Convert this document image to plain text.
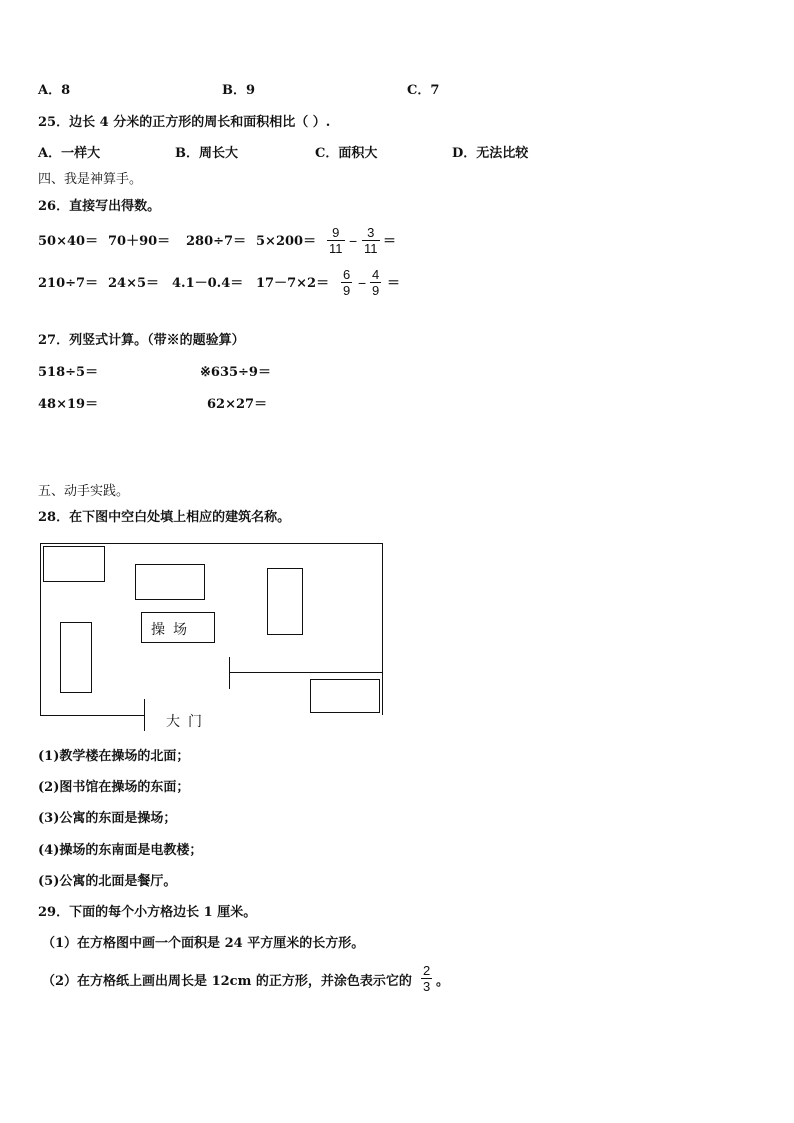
A．8	B．9	C．7
25．边长 4 分米的正方形的周长和面积相比（ ）.
A．一样大	B．周长大	C．面积大	D．无法比较
四、我是神算手。
26．直接写出得数。
$50\times 40= 70+90= 280\div 7= 5\times 200= \frac{9}{11} - \frac{3}{11}$ ＝
$210\div 7= 24\times 5= 4.1-0.4= 17-7\times 2= \frac{6}{9} - \frac{4}{9}$ ＝
27．列竖式计算。（带※的题验算）
518÷5＝	※635÷9＝
48×19＝	62×27＝
五、动手实践。
28．在下图中空白处填上相应的建筑名称。
操场
大门
(1)教学楼在操场的北面；
(2)图书馆在操场的东面；
(3)公寓的东面是操场；
(4)操场的东南面是电教楼；
(5)公寓的北面是餐厅。
29．下面的每个小方格边长 1 厘米。
（1）在方格图中画一个面积是 24 平方厘米的长方形。
（2）在方格纸上画出周长是 12cm 的正方形，并涂色表示它的 $\frac{2}{3}$ 。
